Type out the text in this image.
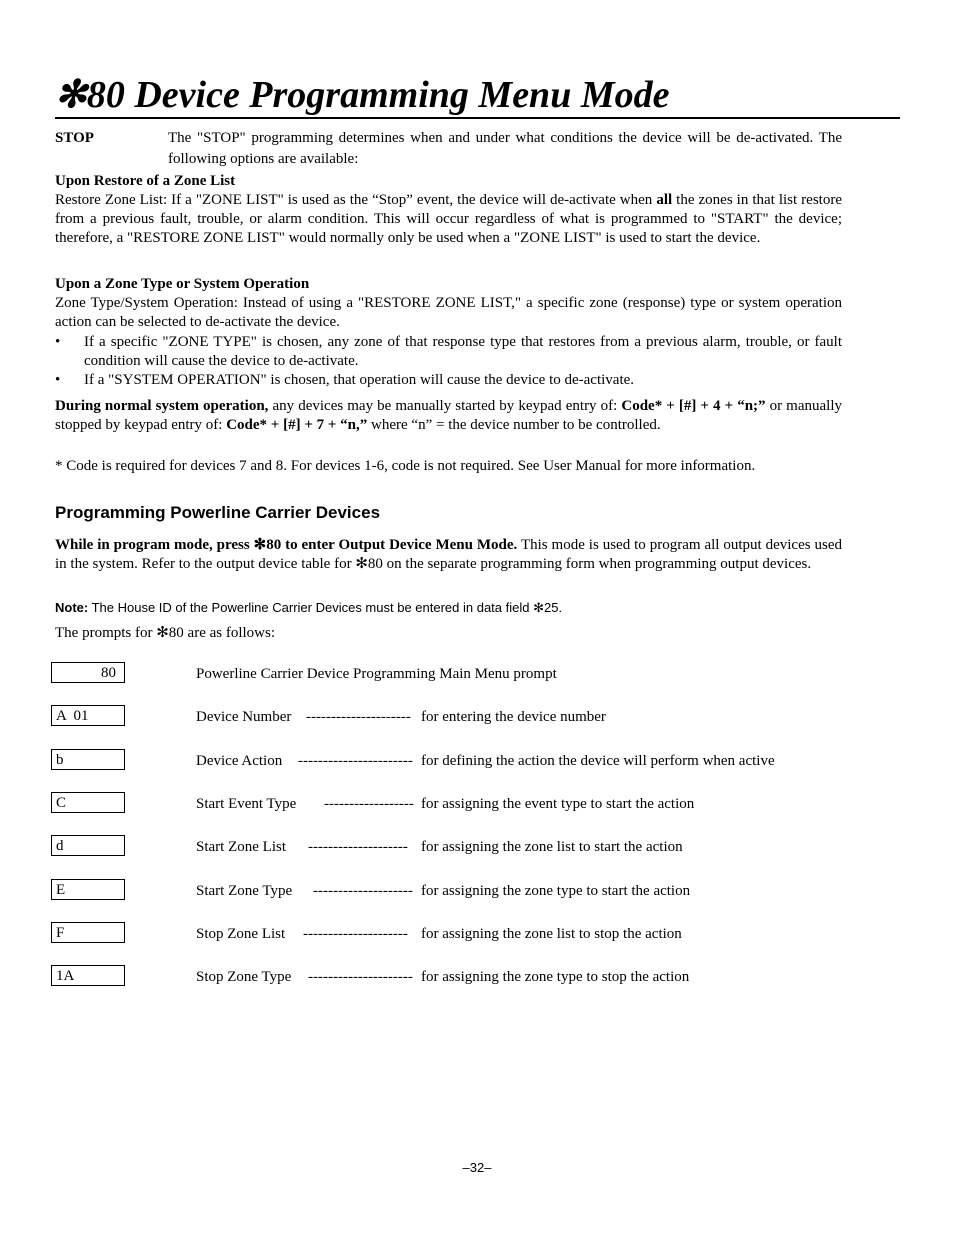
✻80 Device Programming Menu Mode
STOP	The "STOP" programming determines when and under what conditions the device will be de-activated. The following options are available:

Upon Restore of a Zone List

Restore Zone List: If a "ZONE LIST" is used as the “Stop” event, the device will de-activate when all the zones in that list restore from a previous fault, trouble, or alarm condition. This will occur regardless of what is programmed to "START" the device; therefore, a "RESTORE ZONE LIST" would normally only be used when a "ZONE LIST" is used to start the device.

Upon a Zone Type or System Operation

Zone Type/System Operation: Instead of using a "RESTORE ZONE LIST," a specific zone (response) type or system operation action can be selected to de-activate the device.

•	If a specific "ZONE TYPE" is chosen, any zone of that response type that restores from a previous alarm, trouble, or fault condition will cause the device to de-activate.
•	If a "SYSTEM OPERATION" is chosen, that operation will cause the device to de-activate.

During normal system operation, any devices may be manually started by keypad entry of: Code* + [#] + 4 + “n;” or manually stopped by keypad entry of: Code* + [#] + 7 + “n,” where “n” = the device number to be controlled.

* Code is required for devices 7 and 8. For devices 1-6, code is not required. See User Manual for more information.

Programming Powerline Carrier Devices

While in program mode, press ✻80 to enter Output Device Menu Mode. This mode is used to program all output devices used in the system. Refer to the output device table for ✻80 on the separate programming form when programming output devices.

Note: The House ID of the Powerline Carrier Devices must be entered in data field ✻25.

The prompts for ✻80 are as follows:

80	Powerline Carrier Device Programming Main Menu prompt
A  01	Device Number --------------------- for entering the device number
b	Device Action ----------------------- for defining the action the device will perform when active
C	Start Event Type ------------------ for assigning the event type to start the action
d	Start Zone List -------------------- for assigning the zone list to start the action
E	Start Zone Type -------------------- for assigning the zone type to start the action
F	Stop Zone List --------------------- for assigning the zone list to stop the action
1A	Stop Zone Type --------------------- for assigning the zone type to stop the action
–32–
